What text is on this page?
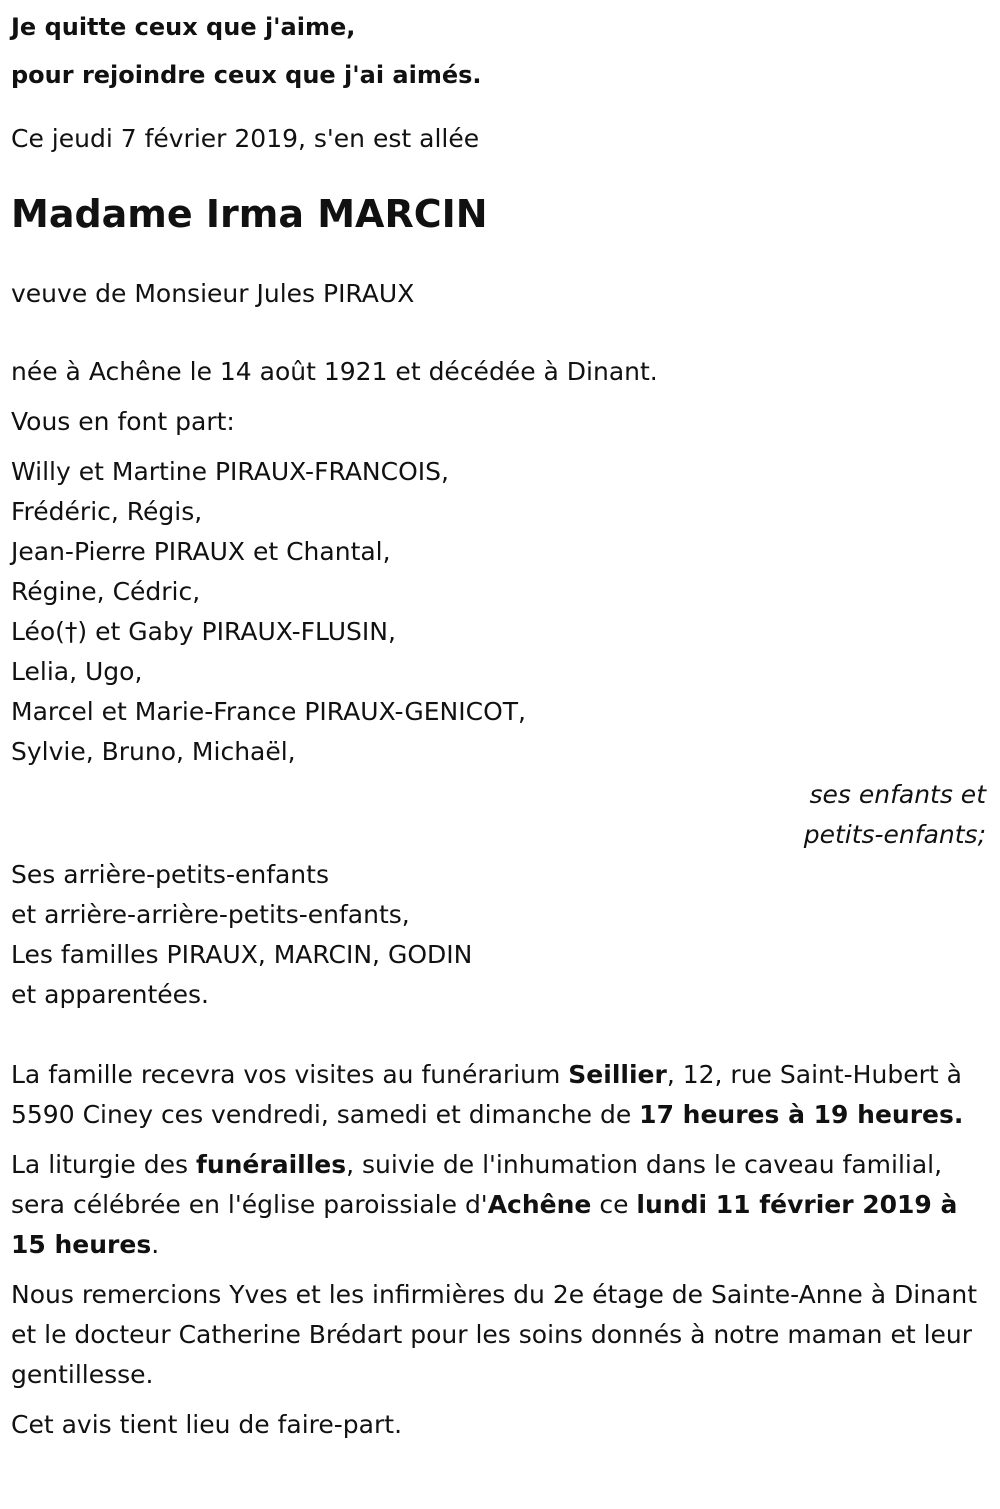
Je quitte ceux que j'aime,
pour rejoindre ceux que j'ai aimés.
Ce jeudi 7 février 2019, s'en est allée
Madame Irma MARCIN
veuve de Monsieur Jules PIRAUX
née à Achêne le 14 août 1921 et décédée à Dinant.
Vous en font part:
Willy et Martine PIRAUX-FRANCOIS,
Frédéric, Régis,
Jean-Pierre PIRAUX et Chantal,
Régine, Cédric,
Léo(†) et Gaby PIRAUX-FLUSIN,
Lelia, Ugo,
Marcel et Marie-France PIRAUX-GENICOT,
Sylvie, Bruno, Michaël,
ses enfants et
petits-enfants;
Ses arrière-petits-enfants
et arrière-arrière-petits-enfants,
Les familles PIRAUX, MARCIN, GODIN
et apparentées.

La famille recevra vos visites au funérarium Seillier, 12, rue Saint-Hubert à 5590 Ciney ces vendredi, samedi et dimanche de 17 heures à 19 heures.

La liturgie des funérailles, suivie de l'inhumation dans le caveau familial, sera célébrée en l'église paroissiale d'Achêne ce lundi 11 février 2019 à 15 heures.

Nous remercions Yves et les infirmières du 2e étage de Sainte-Anne à Dinant et le docteur Catherine Brédart pour les soins donnés à notre maman et leur gentillesse.

Cet avis tient lieu de faire-part.
